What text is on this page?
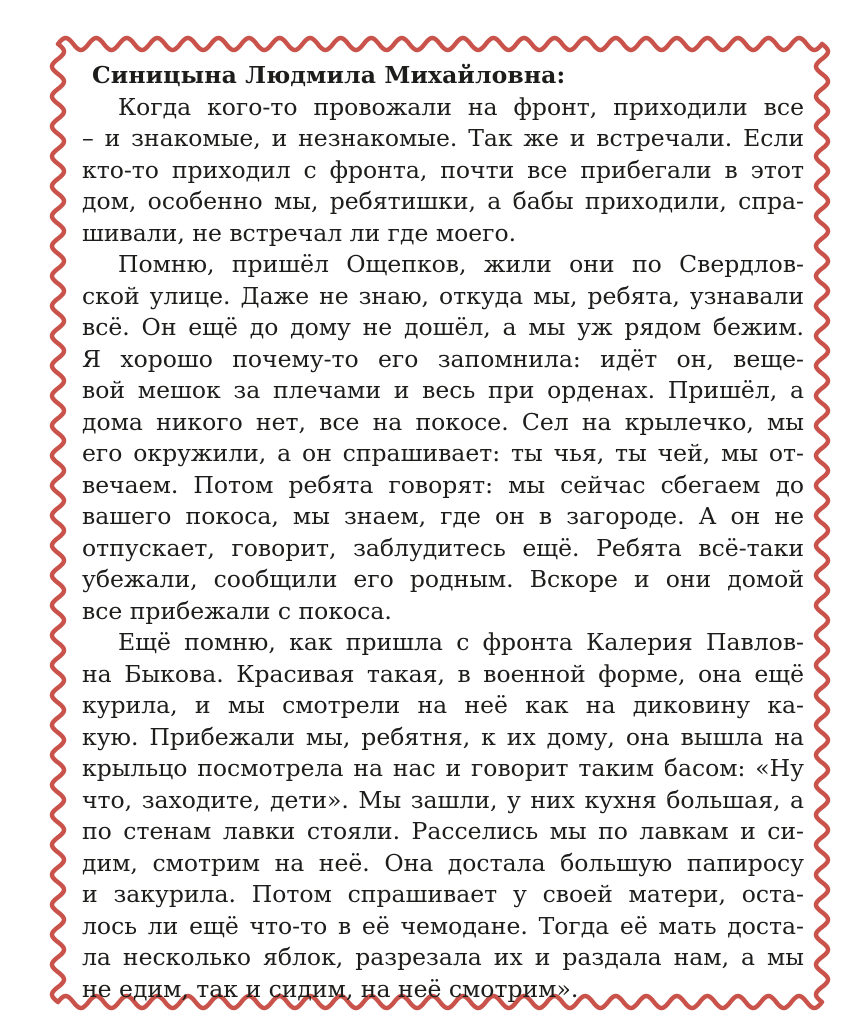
Синицына Людмила Михайловна:
Когда кого-то провожали на фронт, приходили все
– и знакомые, и незнакомые. Так же и встречали. Если
кто-то приходил с фронта, почти все прибегали в этот
дом, особенно мы, ребятишки, а бабы приходили, спра-
шивали, не встречал ли где моего.
Помню, пришёл Ощепков, жили они по Свердлов-
ской улице. Даже не знаю, откуда мы, ребята, узнавали
всё. Он ещё до дому не дошёл, а мы уж рядом бежим.
Я хорошо почему-то его запомнила: идёт он, веще-
вой мешок за плечами и весь при орденах. Пришёл, а
дома никого нет, все на покосе. Сел на крылечко, мы
его окружили, а он спрашивает: ты чья, ты чей, мы от-
вечаем. Потом ребята говорят: мы сейчас сбегаем до
вашего покоса, мы знаем, где он в загороде. А он не
отпускает, говорит, заблудитесь ещё. Ребята всё-таки
убежали, сообщили его родным. Вскоре и они домой
все прибежали с покоса.
Ещё помню, как пришла с фронта Калерия Павлов-
на Быкова. Красивая такая, в военной форме, она ещё
курила, и мы смотрели на неё как на диковину ка-
кую. Прибежали мы, ребятня, к их дому, она вышла на
крыльцо посмотрела на нас и говорит таким басом: «Ну
что, заходите, дети». Мы зашли, у них кухня большая, а
по стенам лавки стояли. Расселись мы по лавкам и си-
дим, смотрим на неё. Она достала большую папиросу
и закурила. Потом спрашивает у своей матери, оста-
лось ли ещё что-то в её чемодане. Тогда её мать доста-
ла несколько яблок, разрезала их и раздала нам, а мы
не едим, так и сидим, на неё смотрим».
